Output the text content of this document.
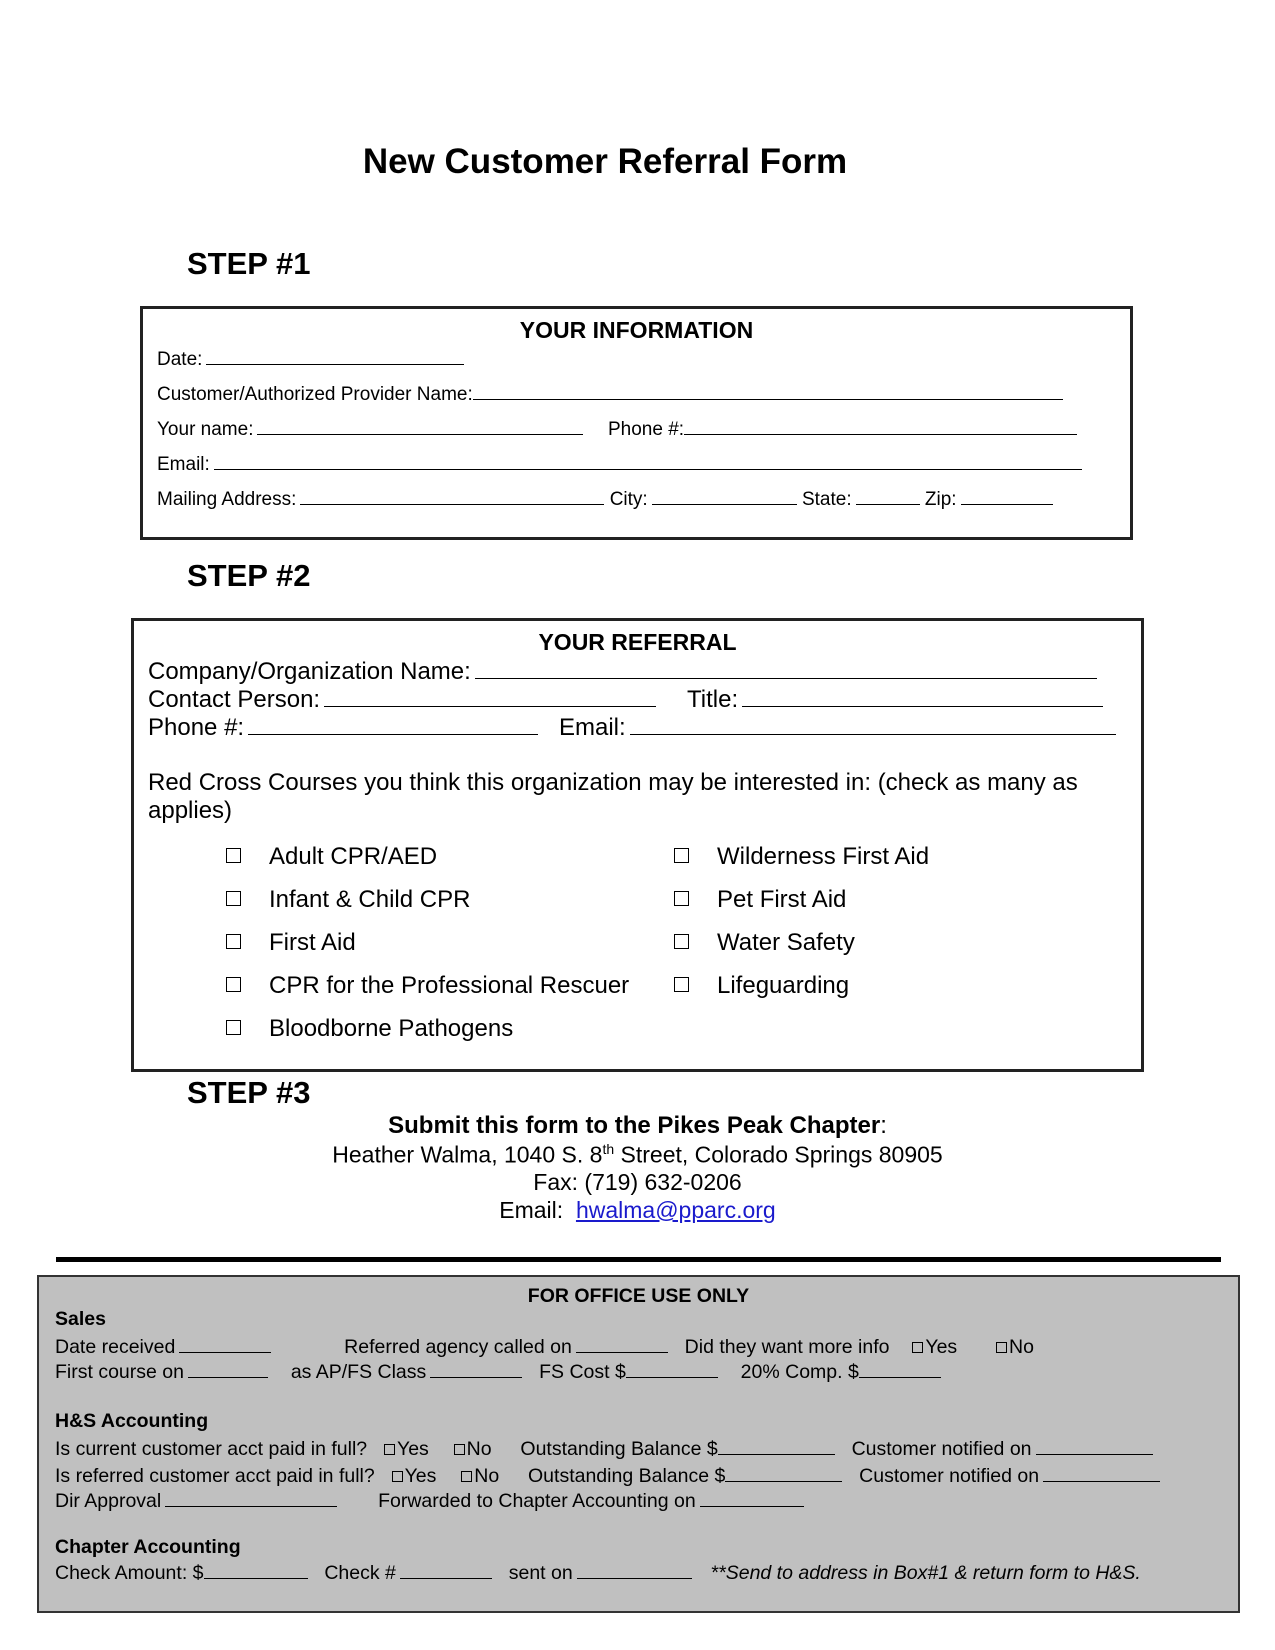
New Customer Referral Form
STEP #1
YOUR INFORMATION
Date:
Customer/Authorized Provider Name:
Your name:	Phone #:
Email:
Mailing Address:	City:	State:	Zip:
STEP #2
YOUR REFERRAL
Company/Organization Name:
Contact Person:	Title:
Phone #:	Email:
Red Cross Courses you think this organization may be interested in: (check as many as applies)
Adult CPR/AED
Infant & Child CPR
First Aid
CPR for the Professional Rescuer
Bloodborne Pathogens
Wilderness First Aid
Pet First Aid
Water Safety
Lifeguarding
STEP #3
Submit this form to the Pikes Peak Chapter:
Heather Walma, 1040 S. 8th Street, Colorado Springs 80905
Fax: (719) 632-0206
Email: hwalma@pparc.org
FOR OFFICE USE ONLY
Sales
Date received	Referred agency called on	Did they want more info Yes	No
First course on	as AP/FS Class	FS Cost $	20% Comp. $
H&S Accounting
Is current customer acct paid in full? Yes No Outstanding Balance $	Customer notified on
Is referred customer acct paid in full? Yes No Outstanding Balance $	Customer notified on
Dir Approval	Forwarded to Chapter Accounting on
Chapter Accounting
Check Amount: $	Check #	sent on	**Send to address in Box#1 & return form to H&S.
